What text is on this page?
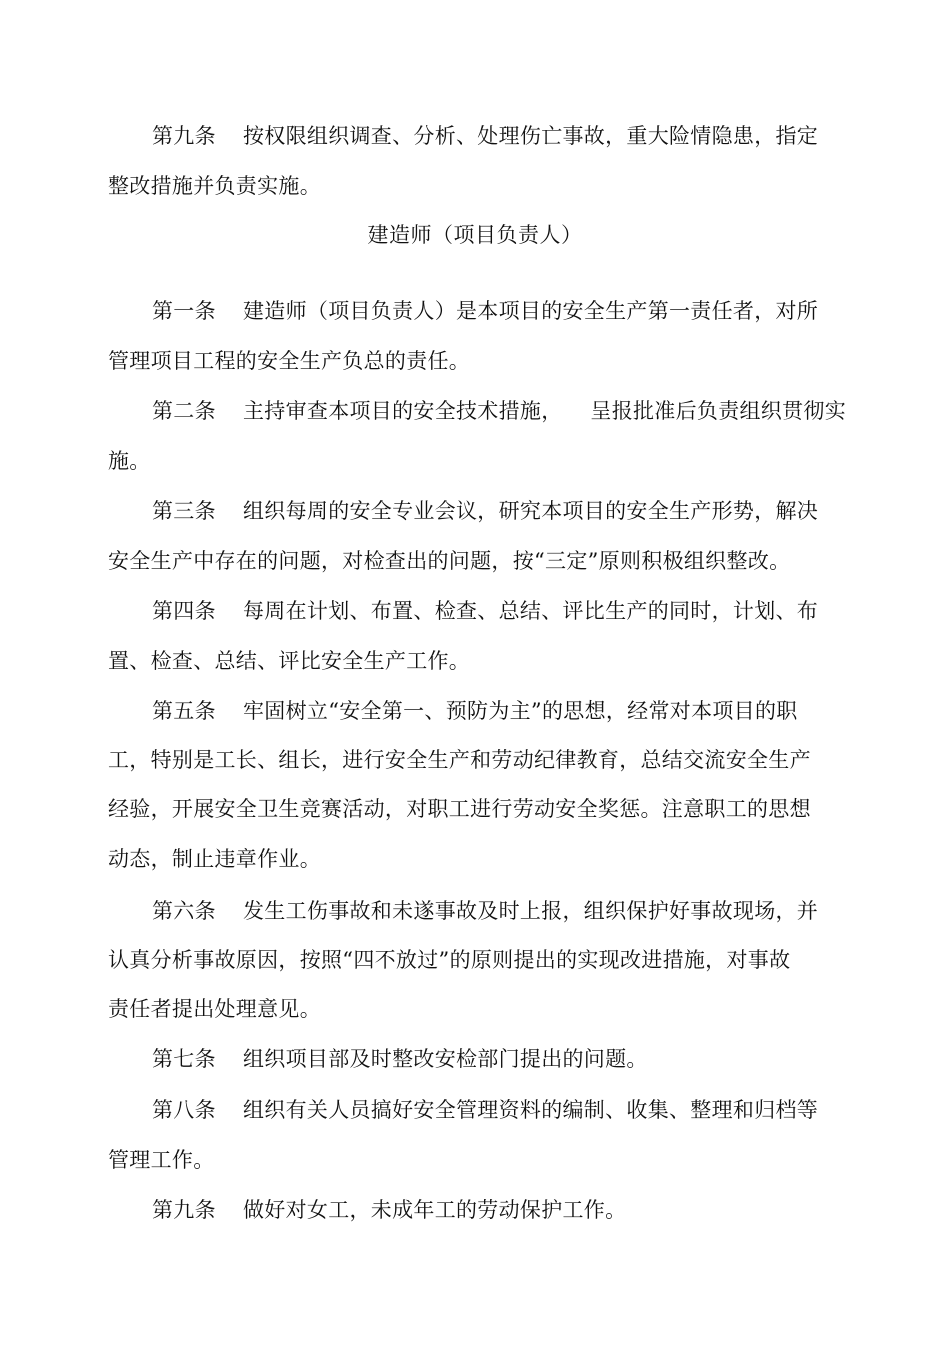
第九条 按权限组织调查、分析、处理伤亡事故，重大险情隐患，指定
整改措施并负责实施。
建造师（项目负责人）
第一条 建造师（项目负责人）是本项目的安全生产第一责任者，对所
管理项目工程的安全生产负总的责任。
第二条 主持审查本项目的安全技术措施，    呈报批准后负责组织贯彻实
施。
第三条 组织每周的安全专业会议，研究本项目的安全生产形势，解决
安全生产中存在的问题，对检查出的问题，按“三定”原则积极组织整改。
第四条 每周在计划、布置、检查、总结、评比生产的同时，计划、布
置、检查、总结、评比安全生产工作。
第五条 牢固树立“安全第一、预防为主”的思想，经常对本项目的职
工，特别是工长、组长，进行安全生产和劳动纪律教育，总结交流安全生产
经验，开展安全卫生竞赛活动，对职工进行劳动安全奖惩。注意职工的思想
动态，制止违章作业。
第六条 发生工伤事故和未遂事故及时上报，组织保护好事故现场，并
认真分析事故原因，按照“四不放过”的原则提出的实现改进措施，对事故
责任者提出处理意见。
第七条 组织项目部及时整改安检部门提出的问题。
第八条 组织有关人员搞好安全管理资料的编制、收集、整理和归档等
管理工作。
第九条 做好对女工，未成年工的劳动保护工作。
